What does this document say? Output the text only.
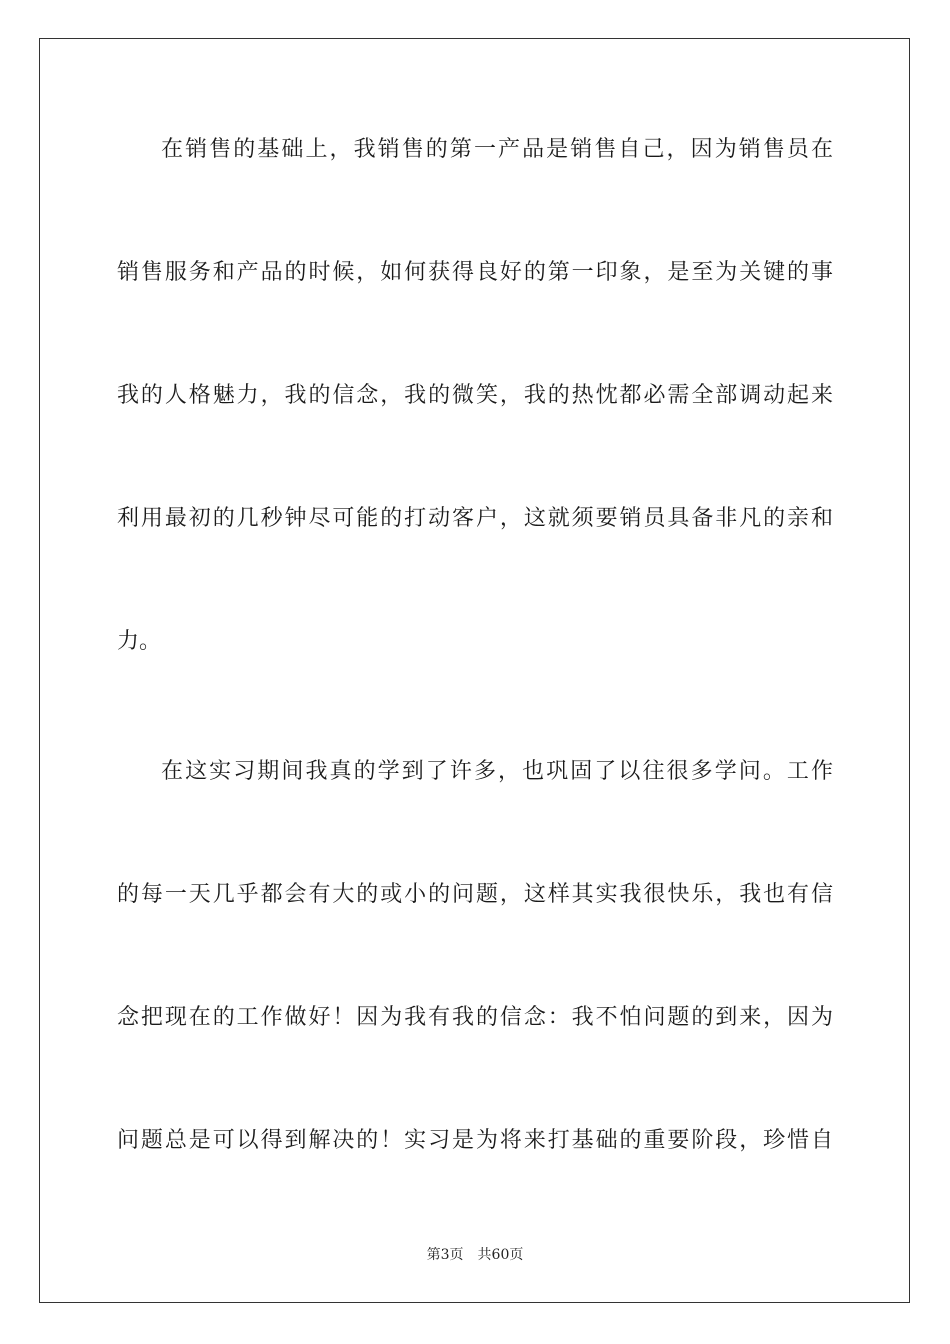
在销售的基础上，我销售的第一产品是销售自己，因为销售员在
销售服务和产品的时候，如何获得良好的第一印象，是至为关键的事
我的人格魅力，我的信念，我的微笑，我的热忱都必需全部调动起来
利用最初的几秒钟尽可能的打动客户，这就须要销员具备非凡的亲和
力。
在这实习期间我真的学到了许多，也巩固了以往很多学问。工作
的每一天几乎都会有大的或小的问题，这样其实我很快乐，我也有信
念把现在的工作做好！因为我有我的信念：我不怕问题的到来，因为
问题总是可以得到解决的！实习是为将来打基础的重要阶段，珍惜自
第3页 共60页
